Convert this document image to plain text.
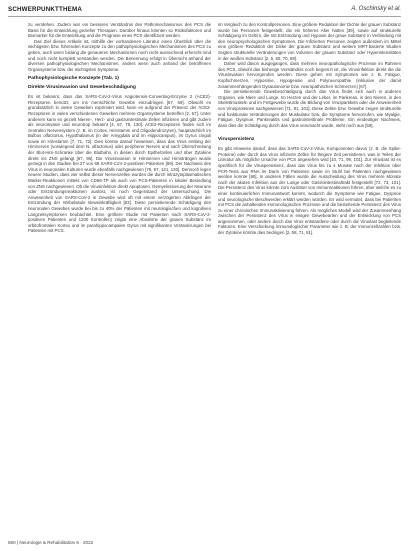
SCHWERPUNKTTHEMA	A. Oschinsky et al.

zu verstehen. Zudem war ein besseres Verständnis des Pathomechanismus des PCS die Basis für die Entwicklung gezielter Therapien. Darüber hinaus könnten so Risikofaktoren und Biomarker für die Entwicklung und die Prognose eines PCS identifiziert werden.

Das Ziel dieses Artikels ist, mithilfe der vorhandenen Literatur einen Überblick über die wichtigsten bzw. führenden Konzepte zu den pathophysiologischen Mechanismen des PCS zu geben, auch wenn bislang die genaueren Mechanismen noch nicht ausreichend erforscht sind und noch nicht komplett verstanden werden. Die Benennung erfolgt in Übersicht anhand der diversen pathophysiologischen Mechanismen, anders wenn auch anhand der betroffenen Organsysteme bzw. der wichtigsten Symptome.

Pathophysiologische Konzepte (Tab. 1)
Direkte Virusinvasion und Gewebeschädigung

Es ist bekannt, dass das SARS-CoV-2-Virus Angiotensin-Converting-Enzyme 2 (ACE2)-Rezeptoren benutzt, um ins menschliche Gewebe einzudringen [67, 69]. Obwohl es grundsätzlich in vielen Geweben exprimiert wird, kann es aufgrund der Präsenz der ACE2-Rezeptoren in vielen verschiedenen Geweben mehrere Organsysteme betreffen [2, 67]. Unter anderem kann es gezielt Nieren-, Herz- und gastrointestinale Zellen infizieren und gibt zudem als neuroinvasiv und neurotrop bekannt [4, 67, 75, 130]. ACE2-Rezeptoren finden sich im zentralen Nervensystem (z. B. im Cortex, Hirnstamm und Oligodendrozyten), hauptsächlich im Bulbus olfactorius, Hypothalamus (in der Amygdala und im Hippocampus), im Gyrus cinguli sowie im Hirnstamm [7, 71, 72]. Dies könnte darauf hinweisen, dass das Virus entlang der Hirnnerven (vorwiegend dem N. olfactorius) oder peripherer Nerven und nach Überschreitung der Blut-Hirn-Schranke über die Blutbahn, in diesen durch Epithelzellen und über Zytokine direkt ins ZNS gelangt [67, 96]. Die Virusinvasion in Hirnnerven und Hirnsträngen wurde gezeigt in den Studien bei 27 von 69 SARS-CoV-2-positiven Patienten [69]. Der Nachweis des Virus in neuronalen Kulturen wurde ebenfalls nachgewiesen [75, 97, 121, 130]. Dennoch legen neuere Studien, dass vier selbst dieser Nervenzellen wurden die durch intrazytoplasmatischen Marker-Reaktionen mittels von CD68-TP als auch von PCS-Patienten in lokaler Besiedlung von ZNS nachgewiesen. Ob die Virusinfektion direkt Apoptosen, Demyelinisierung der Neurone oder Entzündungsreaktionen auslöst, ist noch Gegenstand der Untersuchung. Die Anwesenheit von SARS-CoV-2 in Gewebe wird oft mit einem verzögerten Abklingen der Entzündung der Wirbelsäule Beweiskräftigkeit [83]. Diese persistierende Schädigung des neuronalen Gewebes wurde bei bis zu 40% der Patienten mit neurologischen und kognitiven Langzeitsymptomen beobachtet. Eine größere Studie mit Patienten nach SARS-CoV-2-positiven Patienten und 1200 Kontrollen) zeigte eine Abnahme der grauen Substanz im orbitofrontalen Kortex und im parahippocampalen Gyrus mit signifikanten Veränderungen bei Patienten mit PCS.

im Vergleich zu den Kontrollpersonen. Eine größere Reduktion der Dichte der grauen Substanz wurde bei Personen festgestellt, die ein höheres Alter hatten [39], sowie auf strukturelle Schädigung im Gehirn, die mit Entzündung und Hypoxie der graue Substanz in Verbindung mit den neuropsychologischen Symptomen. Die Infizierten Personen zeigten außerdem im Mittel eine größere Reduktion der Dicke der grauen Substanz und weitere MRT-basierte Studien zeigten strukturelle Veränderungen von Volumen der grauen Substanz oder Hyperintensitäten in der weißen Substanz [2, 6, 60, 70, 89].

Daher wird davon ausgegangen, dass mehrere neuropathologische Prozesse im Rahmen des PCS, obwohl das bisherige Verständnis noch begrenzt ist, die Virusinfektion direkt die die Virusinvasion hervorgerufen werden. Diese gehen mit Symptomen wie z. B. Fatigue, Kopfschmerzen, Hyposmie, Hypogeusie und Polyneuropathie (inklusive der damit zusammenhängenden Dysautonomie bzw. neuropathischen Schmerzen) [67].

Die persistierende Gewebeschädigung durch das Virus findet sich auch in anderen Organen, wie Niere und Lunge. Im Herzen und der Leber, im Pankreas, in den Nieren, in den Skelettmuskeln und im Fettgewebe wurde die Bildung von Viruspartikeln oder die Anwesenheit von Virusproteinen nachgewiesen [71, 81, 101]. Diese Zellen bzw. Gewebe zeigen strukturelle und funktionale Veränderungen der Muskulatur bzw. die Symptome hervorrufen, wie Myalgie, Fatigue, Dyspnoe, Pankreatitis und gastrointestinale Probleme. Ein eindeutiger Nachweis, dass dies die Schädigung durch das Virus verursacht wurde, steht noch aus [59].

Viruspersistenz

Es gibt Hinweise darauf, dass das SARS-CoV-2-Virus, Komponenten davon (z. B. die Spike-Proteine) oder durch das Virus infizierte Zellen für längere Zeit persistieren, was in Teilen der Literatur als mögliche Ursache von PCS angesehen wird [10, 71, 99, 101]. Zur Viruslast ist es spezifisch für die Viruspersistenz, dass das Virus bis zu 4 Monate nach der Infektion über PCR-Tests aus RNA im Darm von Patienten sowie im Stuhl bei Patienten nachgewiesen werden konnte [90]. In anderen Fällen wurde die Ausscheidung des Virus mehrere Monate nach der akuten Infektion aus der Lunge oder Gastrointestinaltrakt festgestellt [72, 73, 101]. Die Persistenz des Virus könnte zum Auslöser von Immunreaktionen führen, über welche es zu einer kontinuierlichen Immunantwort kommt, wodurch die Symptome wie Fatigue, Dyspnoe und neurologische Beschwerden erklärt werden würden. Es wird vermutet, dass bei Patienten mit PCS die anhaltenden immunologischen Prozesse und die bestehende Persistenz des Virus zu einer chronischen Immunaktivierung führen. Als mögliches Modell wird der Zusammenhang zwischen der Persistenz des Virus in einigen Gewebearten und der Entwicklung von PCS angenommen, oder andere durch das Virus entstandene oder durch die Viruslast begleitende Faktoren. Eine Verschiebung immunologischer Parameter wie z. B. der Immunzellzahlen bzw. der Zytokine könnte dies bedingen [2, 58, 71, 81].

590 | Neurologie & Rehabilitation 6 · 2022
